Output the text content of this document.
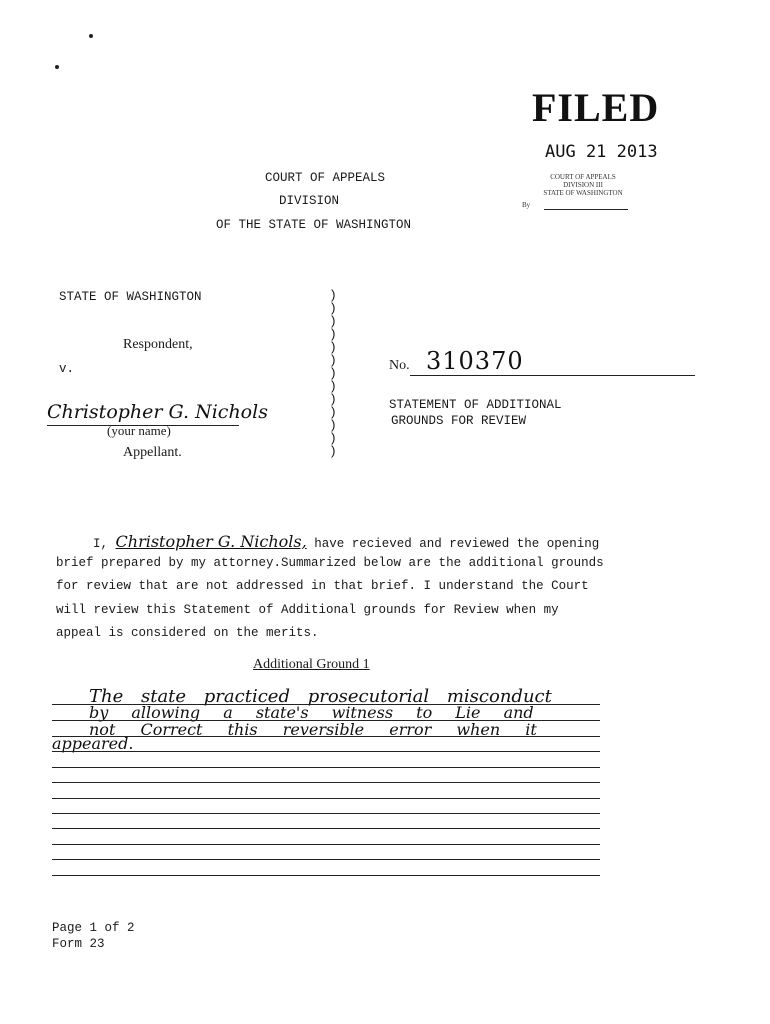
FILED
AUG 21 2013
COURT OF APPEALS
DIVISION III
STATE OF WASHINGTON
By
COURT OF APPEALS
DIVISION
OF THE STATE OF WASHINGTON
STATE OF WASHINGTON
Respondent,
v.
Christopher G. Nichols
(your name)
Appellant.
)
)
)
)
)
)
)
)
)
)
)
)
)
No. 310370
STATEMENT OF ADDITIONAL
GROUNDS FOR REVIEW
I, Christopher G. Nichols, have recieved and reviewed the opening
brief prepared by my attorney.Summarized below are the additional grounds
for review that are not addressed in that brief. I understand the Court
will review this Statement of Additional grounds for Review when my
appeal is considered on the merits.
Additional Ground 1
The state practiced prosecutorial misconduct
by allowing a state's witness to Lie and
not Correct this reversible error when it
appeared.
Page 1 of 2
Form 23
